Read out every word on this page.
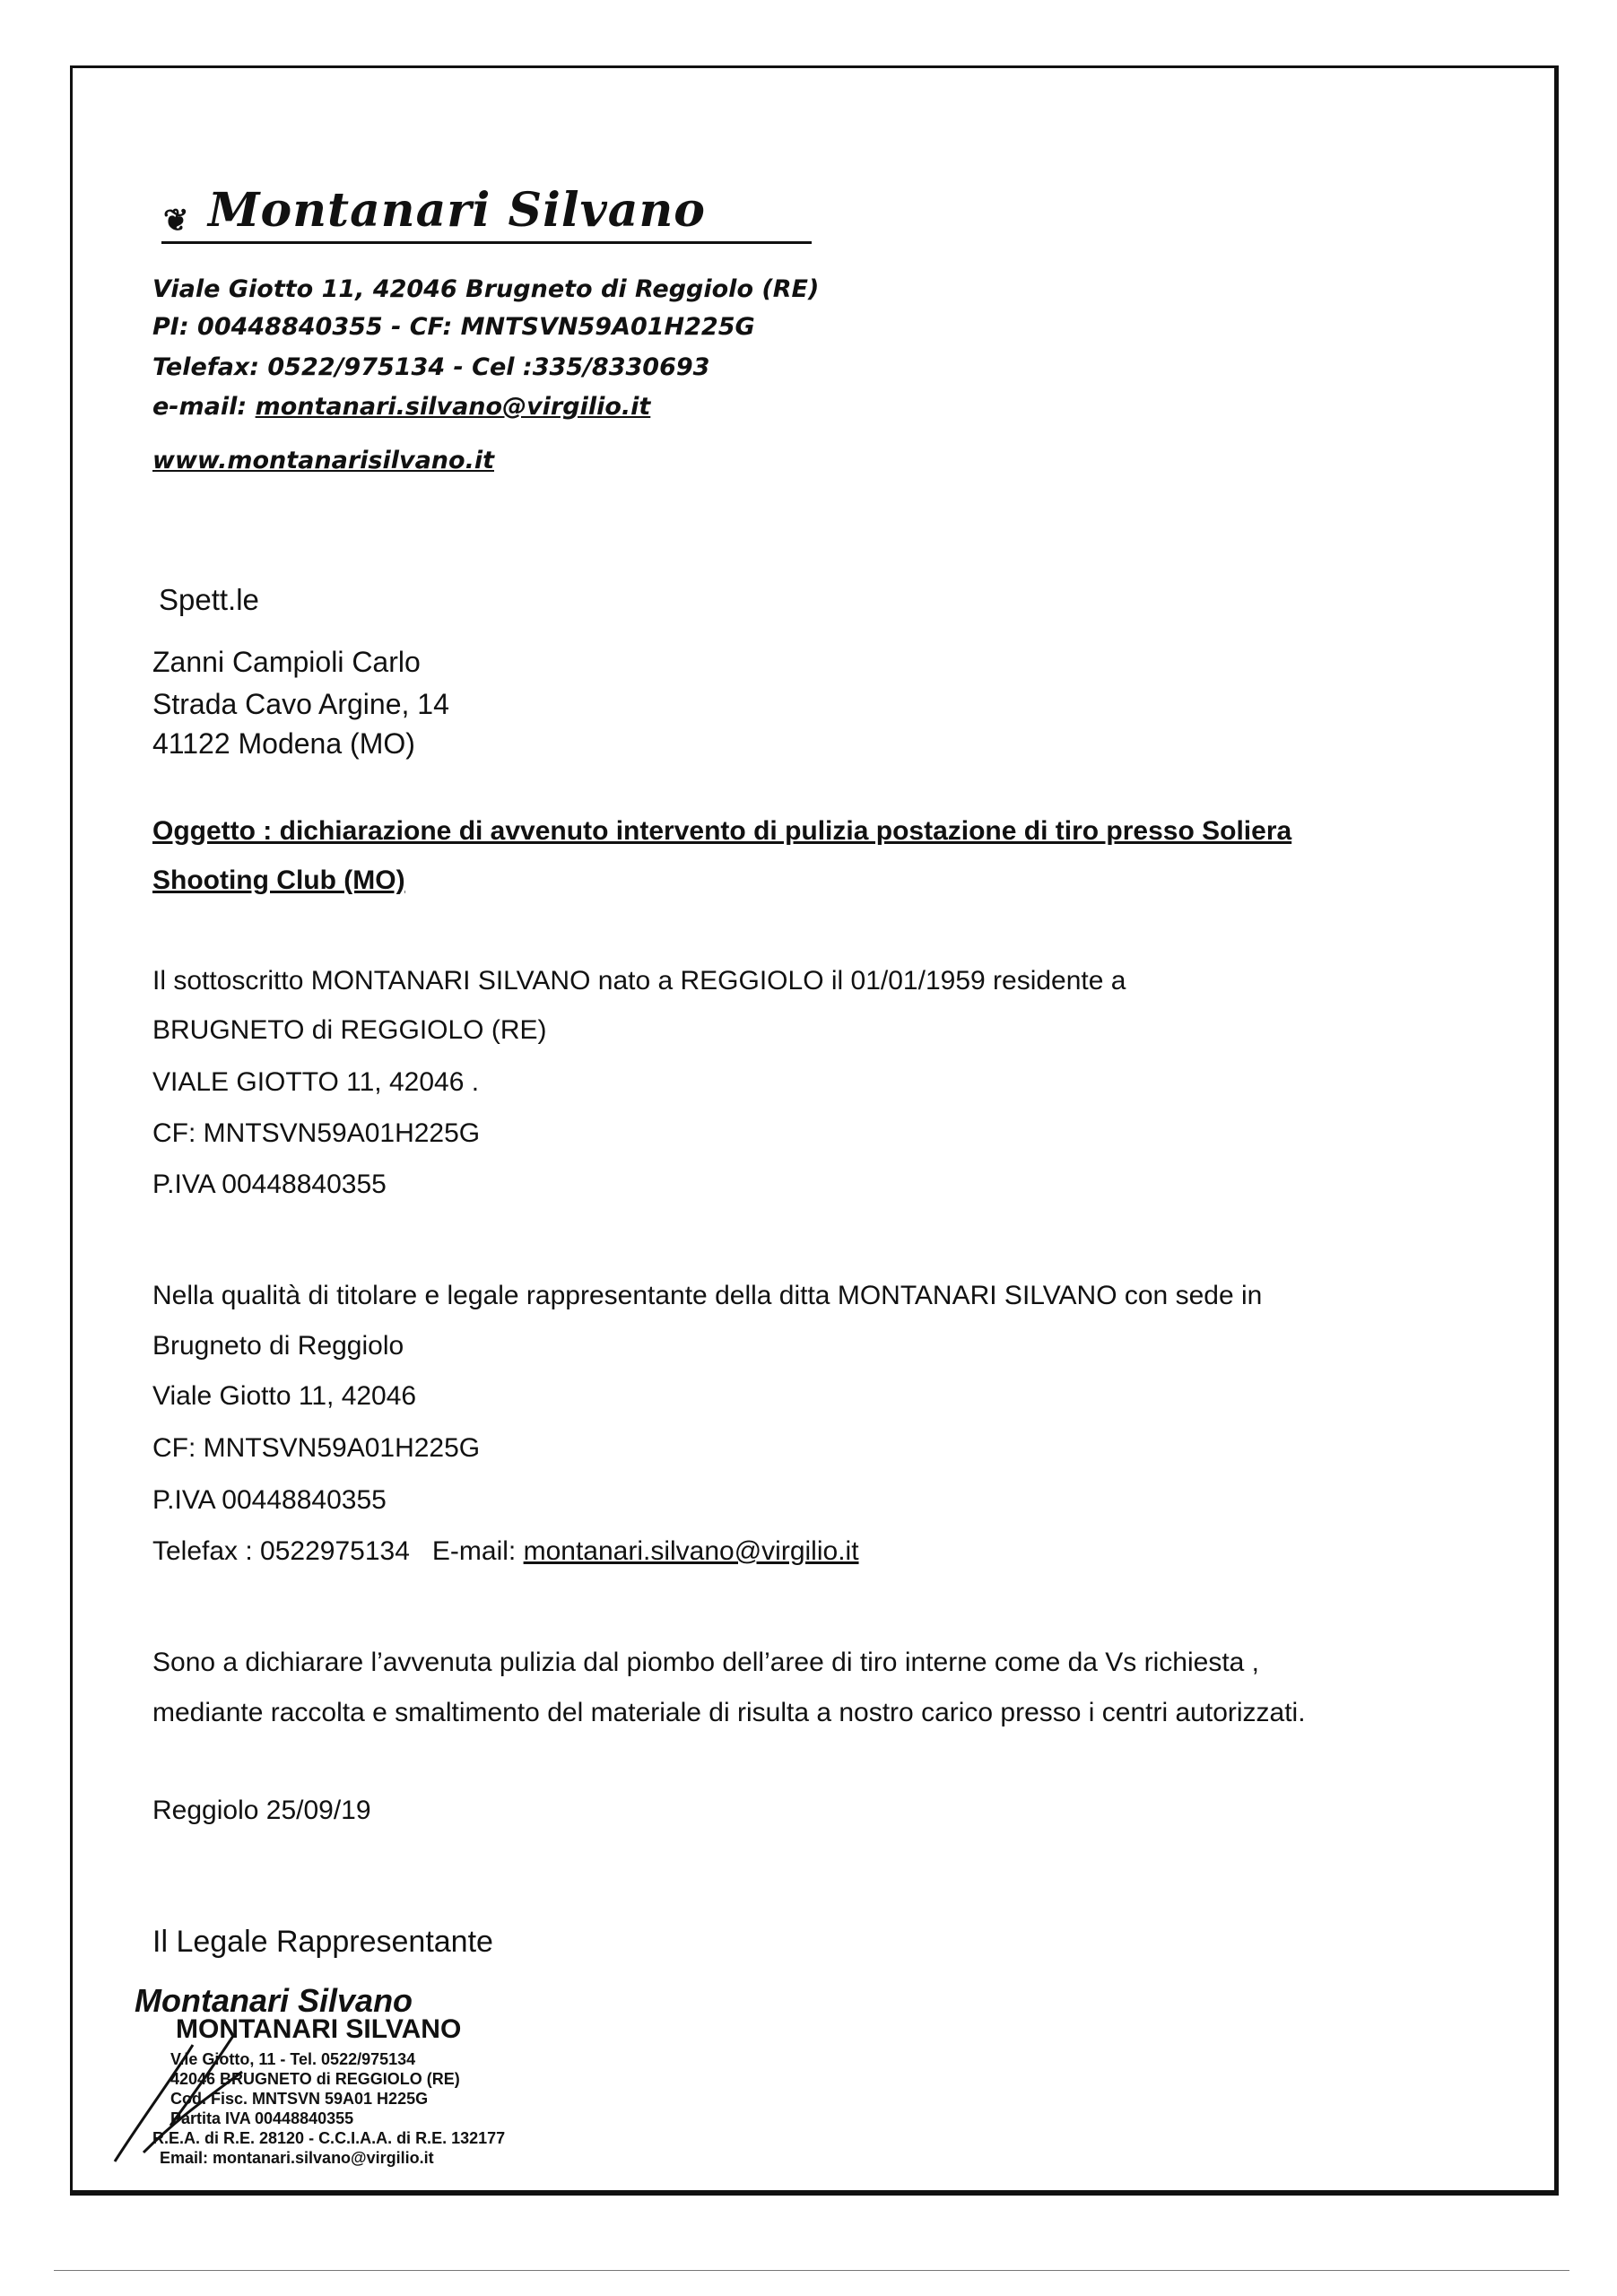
❦ Montanari Silvano
Viale Giotto 11, 42046 Brugneto di Reggiolo (RE)
PI: 00448840355 - CF: MNTSVN59A01H225G
Telefax: 0522/975134 - Cel :335/8330693
e-mail: montanari.silvano@virgilio.it
www.montanarisilvano.it
Spett.le
Zanni Campioli Carlo
Strada Cavo Argine, 14
41122 Modena (MO)
Oggetto : dichiarazione di avvenuto intervento di pulizia postazione di tiro presso Soliera
Shooting Club (MO)
Il sottoscritto MONTANARI SILVANO nato a REGGIOLO il 01/01/1959 residente a
BRUGNETO di REGGIOLO (RE)
VIALE GIOTTO 11, 42046 .
CF: MNTSVN59A01H225G
P.IVA 00448840355
Nella qualità di titolare e legale rappresentante della ditta MONTANARI SILVANO con sede in
Brugneto di Reggiolo
Viale Giotto 11, 42046
CF: MNTSVN59A01H225G
P.IVA 00448840355
Telefax : 0522975134   E-mail: montanari.silvano@virgilio.it
Sono a dichiarare l’avvenuta pulizia dal piombo dell’aree di tiro interne come da Vs richiesta ,
mediante raccolta e smaltimento del materiale di risulta a nostro carico presso i centri autorizzati.
Reggiolo 25/09/19
Il Legale Rappresentante
Montanari Silvano
MONTANARI SILVANO
V.le Giotto, 11 - Tel. 0522/975134
42046 BRUGNETO di REGGIOLO (RE)
Cod. Fisc. MNTSVN 59A01 H225G
Partita IVA 00448840355
R.E.A. di R.E. 28120 - C.C.I.A.A. di R.E. 132177
Email: montanari.silvano@virgilio.it
